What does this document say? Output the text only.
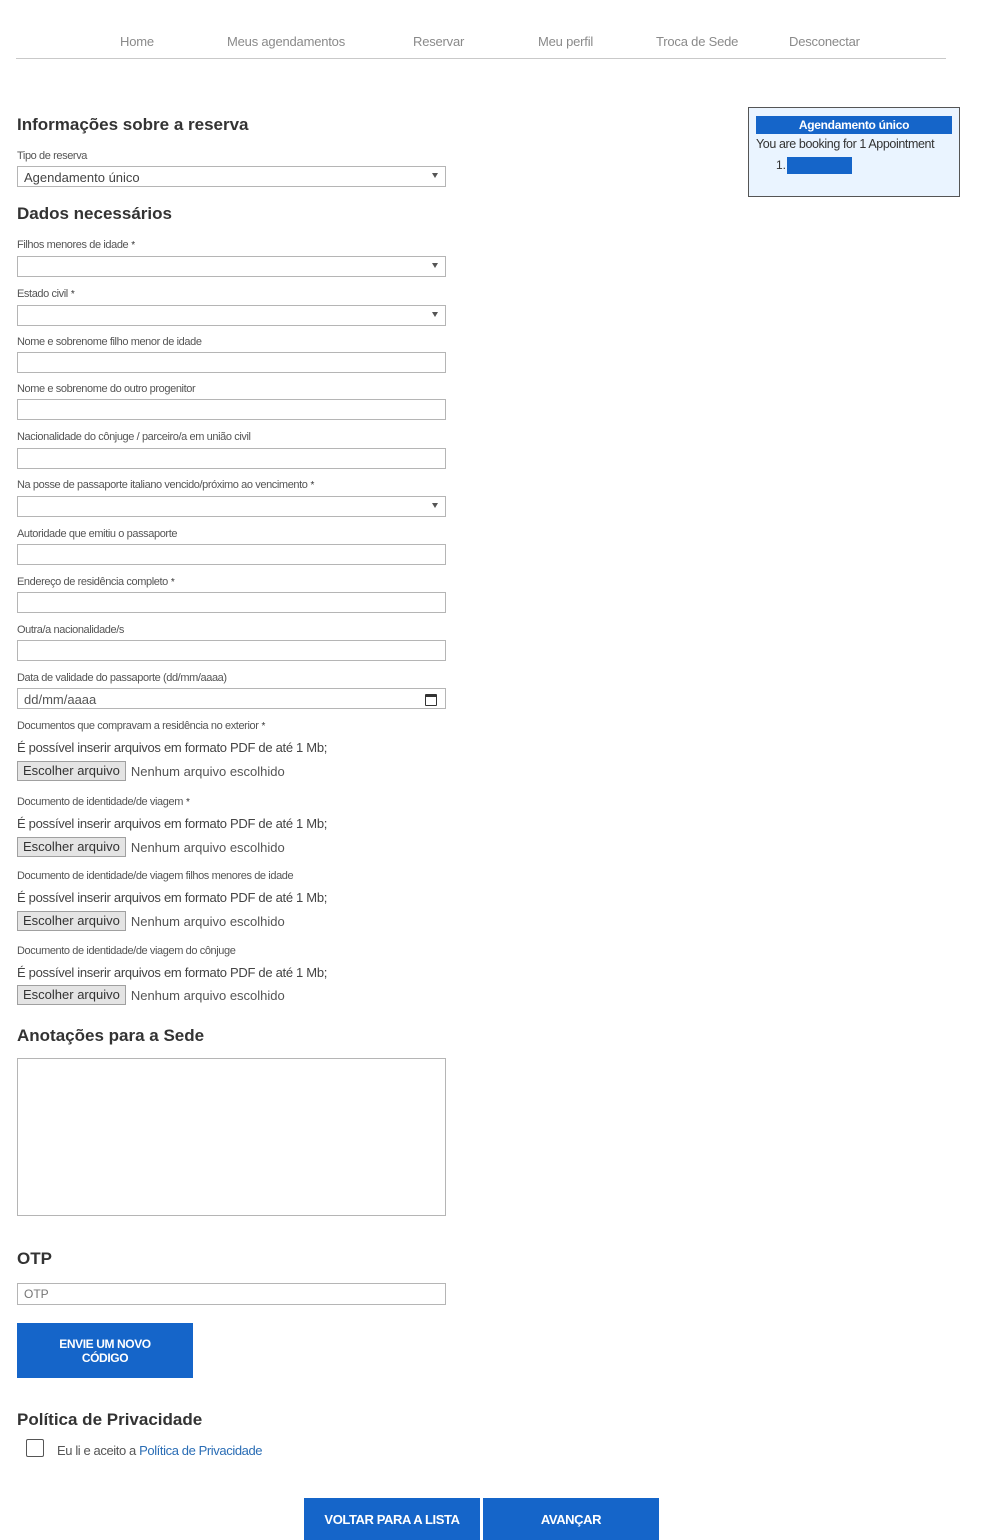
Home	Meus agendamentos	Reservar	Meu perfil	Troca de Sede	Desconectar
Agendamento único
You are booking for 1 Appointment
1.
Informações sobre a reserva
Tipo de reserva
Agendamento único
Dados necessários
Filhos menores de idade *
Estado civil *
Nome e sobrenome filho menor de idade
Nome e sobrenome do outro progenitor
Nacionalidade do cônjuge / parceiro/a em união civil
Na posse de passaporte italiano vencido/próximo ao vencimento *
Autoridade que emitiu o passaporte
Endereço de residência completo *
Outra/a nacionalidade/s
Data de validade do passaporte (dd/mm/aaaa)
dd/mm/aaaa
Documentos que compravam a residência no exterior *
É possível inserir arquivos em formato PDF de até 1 Mb;
Escolher arquivo Nenhum arquivo escolhido
Documento de identidade/de viagem *
É possível inserir arquivos em formato PDF de até 1 Mb;
Escolher arquivo Nenhum arquivo escolhido
Documento de identidade/de viagem filhos menores de idade
É possível inserir arquivos em formato PDF de até 1 Mb;
Escolher arquivo Nenhum arquivo escolhido
Documento de identidade/de viagem do cônjuge
É possível inserir arquivos em formato PDF de até 1 Mb;
Escolher arquivo Nenhum arquivo escolhido
Anotações para a Sede
OTP
OTP
ENVIE UM NOVO
CÓDIGO
Política de Privacidade
Eu li e aceito a Política de Privacidade
VOLTAR PARA A LISTA	AVANÇAR
